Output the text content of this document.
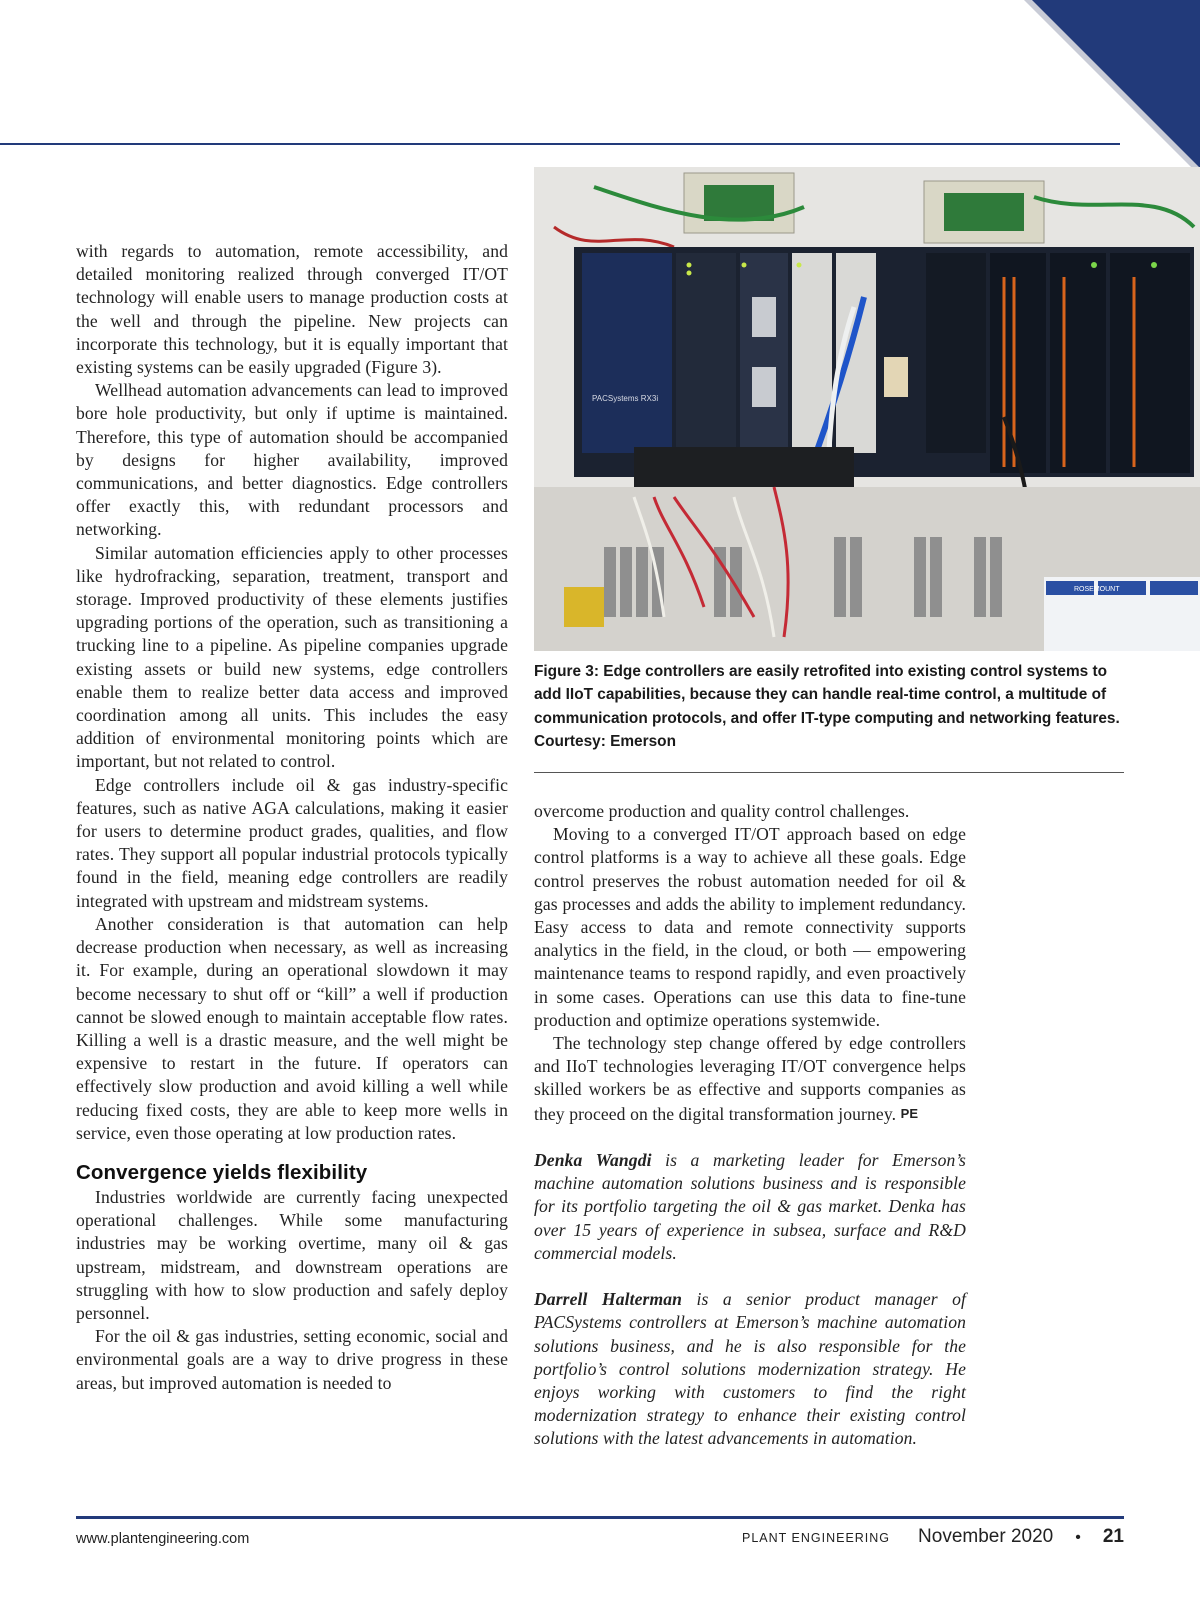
with regards to automation, remote accessibility, and detailed monitoring realized through converged IT/OT technology will enable users to manage production costs at the well and through the pipeline. New projects can incorporate this technology, but it is equally important that existing systems can be easily upgraded (Figure 3).

Wellhead automation advancements can lead to improved bore hole productivity, but only if uptime is maintained. Therefore, this type of automation should be accompanied by designs for higher availability, improved communications, and better diagnostics. Edge controllers offer exactly this, with redundant processors and networking.

Similar automation efficiencies apply to other processes like hydrofracking, separation, treatment, transport and storage. Improved productivity of these elements justifies upgrading portions of the operation, such as transitioning a trucking line to a pipeline. As pipeline companies upgrade existing assets or build new systems, edge controllers enable them to realize better data access and improved coordination among all units. This includes the easy addition of environmental monitoring points which are important, but not related to control.

Edge controllers include oil & gas industry-specific features, such as native AGA calculations, making it easier for users to determine product grades, qualities, and flow rates. They support all popular industrial protocols typically found in the field, meaning edge controllers are readily integrated with upstream and midstream systems.

Another consideration is that automation can help decrease production when necessary, as well as increasing it. For example, during an operational slowdown it may become necessary to shut off or “kill” a well if production cannot be slowed enough to maintain acceptable flow rates. Killing a well is a drastic measure, and the well might be expensive to restart in the future. If operators can effectively slow production and avoid killing a well while reducing fixed costs, they are able to keep more wells in service, even those operating at low production rates.

Convergence yields flexibility

Industries worldwide are currently facing unexpected operational challenges. While some manufacturing industries may be working overtime, many oil & gas upstream, midstream, and downstream operations are struggling with how to slow production and safely deploy personnel.

For the oil & gas industries, setting economic, social and environmental goals are a way to drive progress in these areas, but improved automation is needed to

PACSystems RX3i
ROSEMOUNT
Figure 3: Edge controllers are easily retrofited into existing control systems to add IIoT capabilities, because they can handle real-time control, a multitude of communication protocols, and offer IT-type computing and networking features. Courtesy: Emerson

overcome production and quality control challenges.

Moving to a converged IT/OT approach based on edge control platforms is a way to achieve all these goals. Edge control preserves the robust automation needed for oil & gas processes and adds the ability to implement redundancy. Easy access to data and remote connectivity supports analytics in the field, in the cloud, or both — empowering maintenance teams to respond rapidly, and even proactively in some cases. Operations can use this data to fine-tune production and optimize operations systemwide.

The technology step change offered by edge controllers and IIoT technologies leveraging IT/OT convergence helps skilled workers be as effective and supports companies as they proceed on the digital transformation journey. PE

Denka Wangdi is a marketing leader for Emerson’s machine automation solutions business and is responsible for its portfolio targeting the oil & gas market. Denka has over 15 years of experience in subsea, surface and R&D commercial models.

Darrell Halterman is a senior product manager of PACSystems controllers at Emerson’s machine automation solutions business, and he is also responsible for the portfolio’s control solutions modernization strategy. He enjoys working with customers to find the right modernization strategy to enhance their existing control solutions with the latest advancements in automation.

www.plantengineering.com	PLANT ENGINEERING November 2020 • 21
